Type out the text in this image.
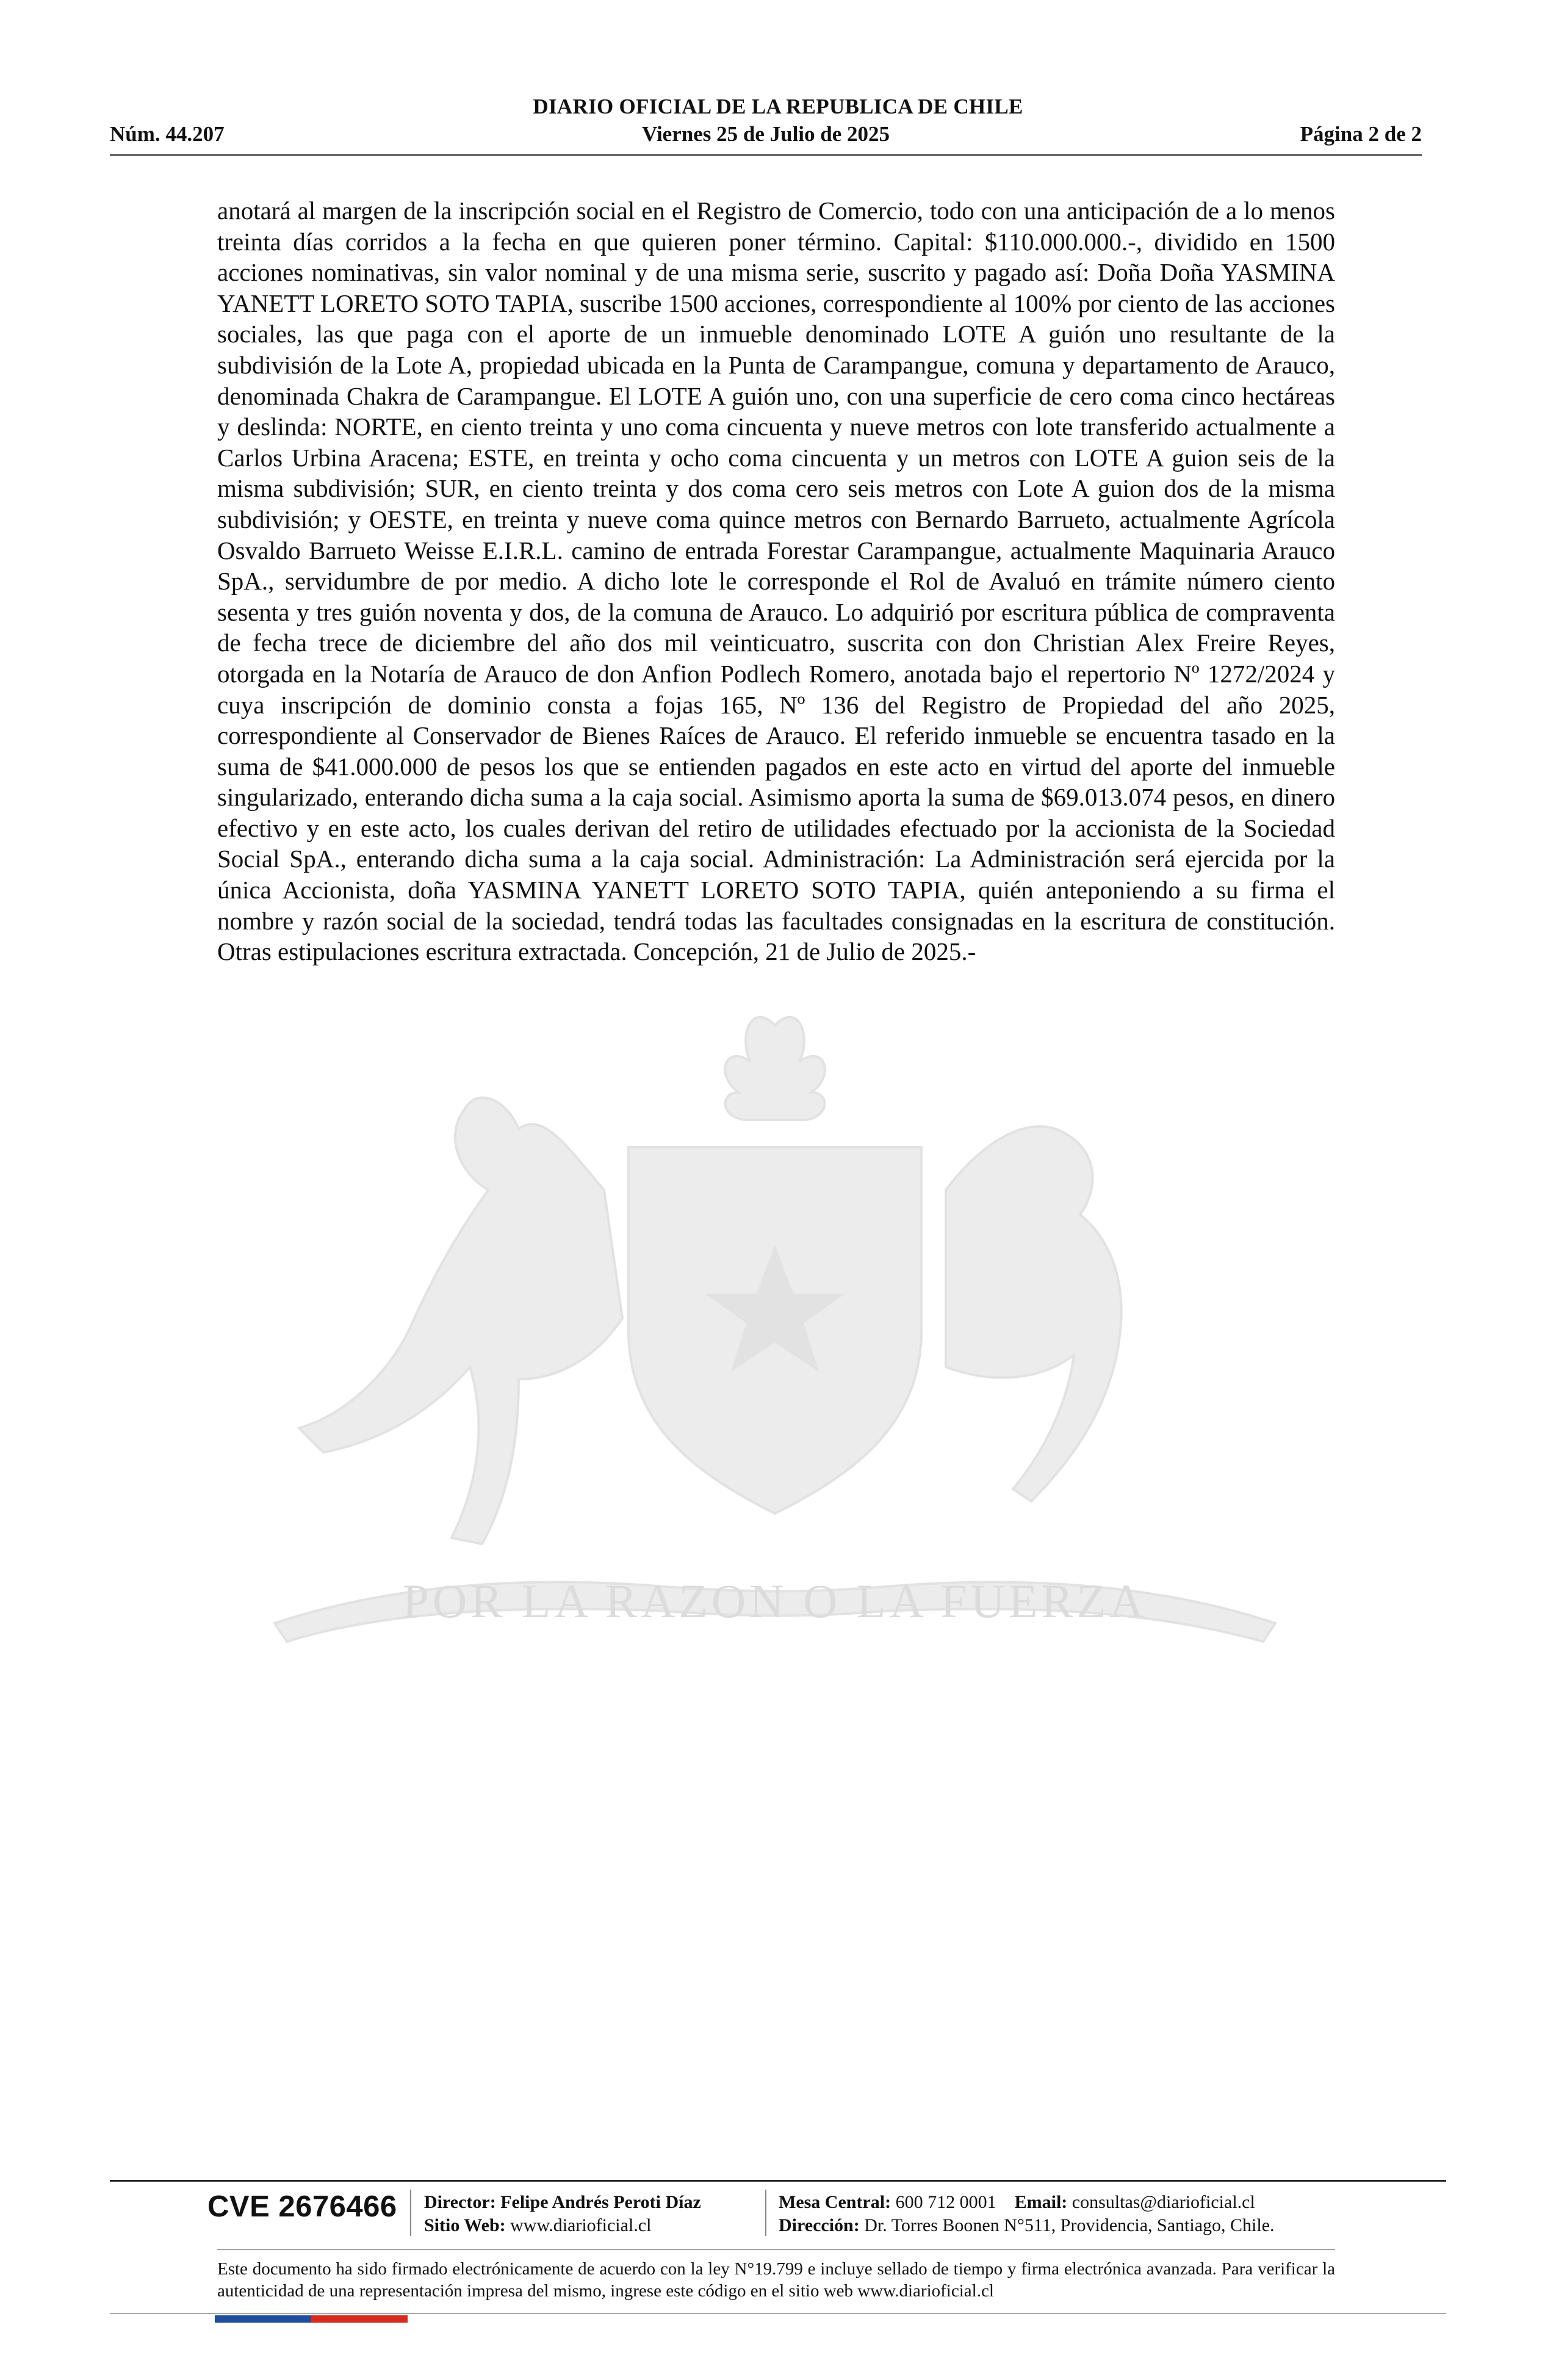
DIARIO OFICIAL DE LA REPUBLICA DE CHILE
Núm. 44.207	Viernes 25 de Julio de 2025	Página 2 de 2
POR LA RAZON O LA FUERZA
anotará al margen de la inscripción social en el Registro de Comercio, todo con una anticipación de a lo menos treinta días corridos a la fecha en que quieren poner término. Capital: $110.000.000.-, dividido en 1500 acciones nominativas, sin valor nominal y de una misma serie, suscrito y pagado así: Doña Doña YASMINA YANETT LORETO SOTO TAPIA, suscribe 1500 acciones, correspondiente al 100% por ciento de las acciones sociales, las que paga con el aporte de un inmueble denominado LOTE A guión uno resultante de la subdivisión de la Lote A, propiedad ubicada en la Punta de Carampangue, comuna y departamento de Arauco, denominada Chakra de Carampangue. El LOTE A guión uno, con una superficie de cero coma cinco hectáreas y deslinda: NORTE, en ciento treinta y uno coma cincuenta y nueve metros con lote transferido actualmente a Carlos Urbina Aracena; ESTE, en treinta y ocho coma cincuenta y un metros con LOTE A guion seis de la misma subdivisión; SUR, en ciento treinta y dos coma cero seis metros con Lote A guion dos de la misma subdivisión; y OESTE, en treinta y nueve coma quince metros con Bernardo Barrueto, actualmente Agrícola Osvaldo Barrueto Weisse E.I.R.L. camino de entrada Forestar Carampangue, actualmente Maquinaria Arauco SpA., servidumbre de por medio. A dicho lote le corresponde el Rol de Avaluó en trámite número ciento sesenta y tres guión noventa y dos, de la comuna de Arauco. Lo adquirió por escritura pública de compraventa de fecha trece de diciembre del año dos mil veinticuatro, suscrita con don Christian Alex Freire Reyes, otorgada en la Notaría de Arauco de don Anfion Podlech Romero, anotada bajo el repertorio Nº 1272/2024 y cuya inscripción de dominio consta a fojas 165, Nº 136 del Registro de Propiedad del año 2025, correspondiente al Conservador de Bienes Raíces de Arauco. El referido inmueble se encuentra tasado en la suma de $41.000.000 de pesos los que se entienden pagados en este acto en virtud del aporte del inmueble singularizado, enterando dicha suma a la caja social. Asimismo aporta la suma de $69.013.074 pesos, en dinero efectivo y en este acto, los cuales derivan del retiro de utilidades efectuado por la accionista de la Sociedad Social SpA., enterando dicha suma a la caja social. Administración: La Administración será ejercida por la única Accionista, doña YASMINA YANETT LORETO SOTO TAPIA, quién anteponiendo a su firma el nombre y razón social de la sociedad, tendrá todas las facultades consignadas en la escritura de constitución. Otras estipulaciones escritura extractada. Concepción, 21 de Julio de 2025.-
CVE 2676466 Director: Felipe Andrés Peroti Díaz
Sitio Web: www.diarioficial.cl
Mesa Central: 600 712 0001 Email: consultas@diarioficial.cl
Dirección: Dr. Torres Boonen N°511, Providencia, Santiago, Chile.
Este documento ha sido firmado electrónicamente de acuerdo con la ley N°19.799 e incluye sellado de tiempo y firma electrónica avanzada. Para verificar la autenticidad de una representación impresa del mismo, ingrese este código en el sitio web www.diarioficial.cl
